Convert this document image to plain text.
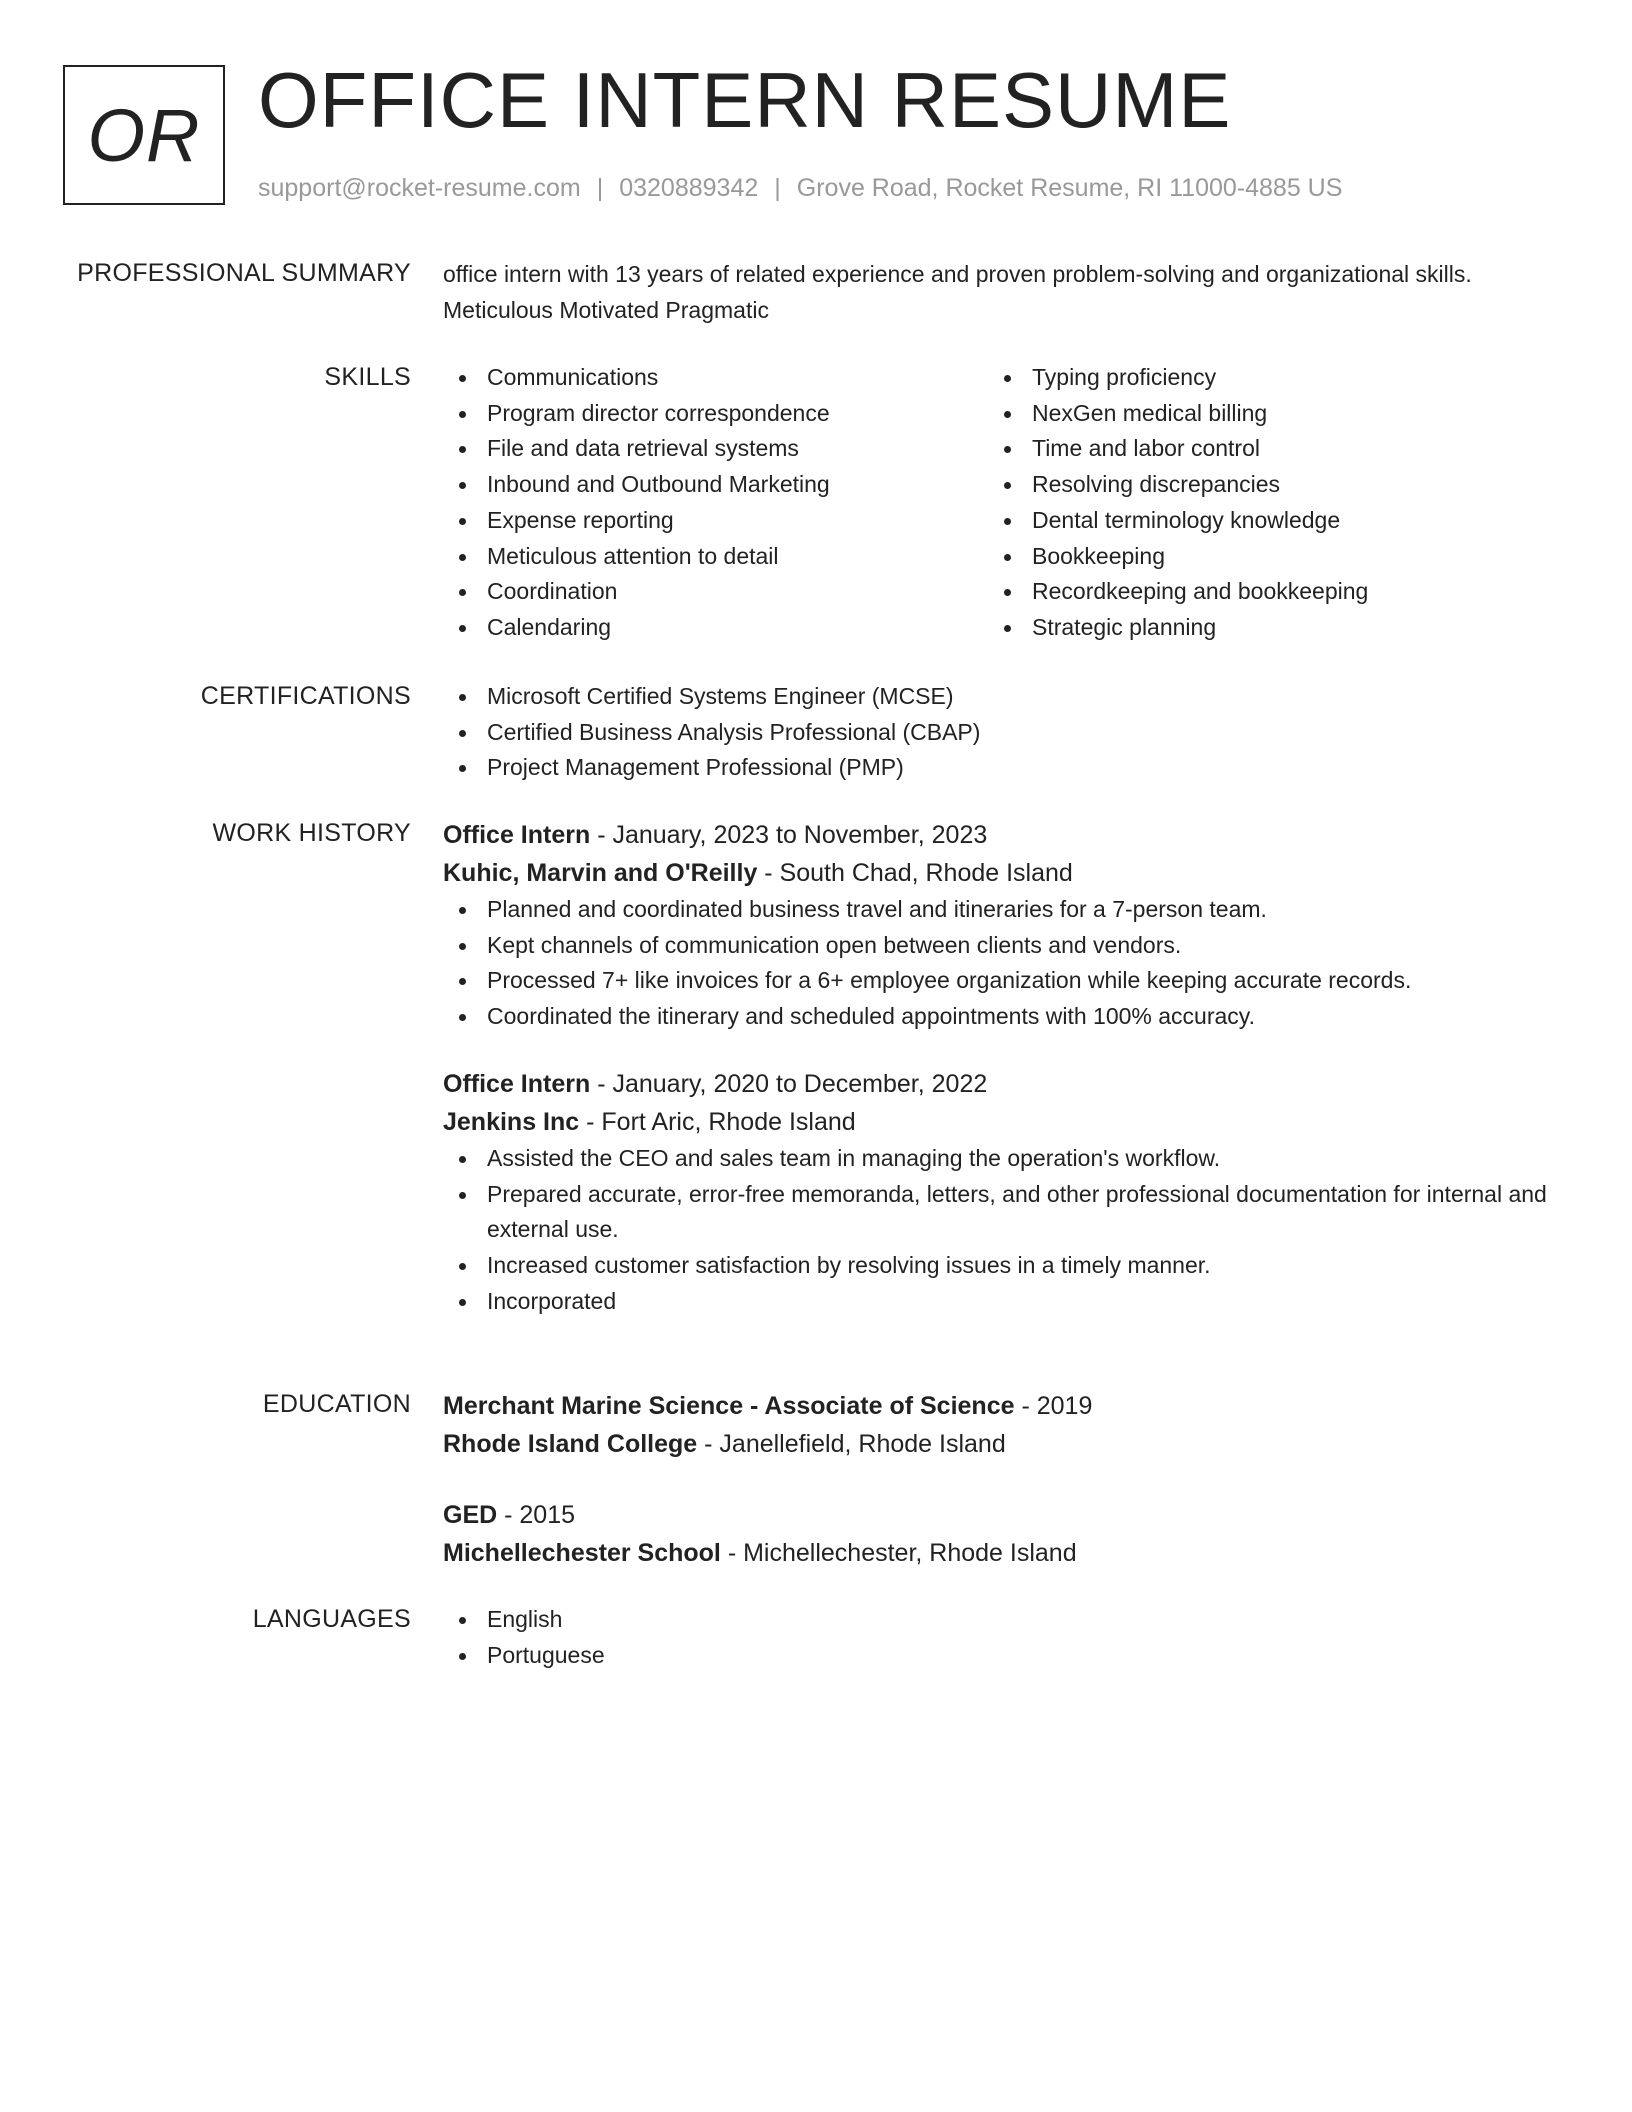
OR OFFICE INTERN RESUME
support@rocket-resume.com | 0320889342 | Grove Road, Rocket Resume, RI 11000-4885 US
PROFESSIONAL SUMMARY office intern with 13 years of related experience and proven problem-solving and organizational skills.
Meticulous Motivated Pragmatic
SKILLS	Communications
Program director correspondence
File and data retrieval systems
Inbound and Outbound Marketing
Expense reporting
Meticulous attention to detail
Coordination
Calendaring
Typing proficiency
NexGen medical billing
Time and labor control
Resolving discrepancies
Dental terminology knowledge
Bookkeeping
Recordkeeping and bookkeeping
Strategic planning
CERTIFICATIONS	Microsoft Certified Systems Engineer (MCSE)
Certified Business Analysis Professional (CBAP)
Project Management Professional (PMP)
WORK HISTORY Office Intern - January, 2023 to November, 2023
Kuhic, Marvin and O'Reilly - South Chad, Rhode Island
Planned and coordinated business travel and itineraries for a 7-person team.
Kept channels of communication open between clients and vendors.
Processed 7+ like invoices for a 6+ employee organization while keeping accurate records.
Coordinated the itinerary and scheduled appointments with 100% accuracy.
Office Intern - January, 2020 to December, 2022
Jenkins Inc - Fort Aric, Rhode Island
Assisted the CEO and sales team in managing the operation's workflow.
Prepared accurate, error-free memoranda, letters, and other professional documentation for internal and external use.
Increased customer satisfaction by resolving issues in a timely manner.
Incorporated
EDUCATION Merchant Marine Science - Associate of Science - 2019
Rhode Island College - Janellefield, Rhode Island
GED - 2015
Michellechester School - Michellechester, Rhode Island
LANGUAGES	English
Portuguese
